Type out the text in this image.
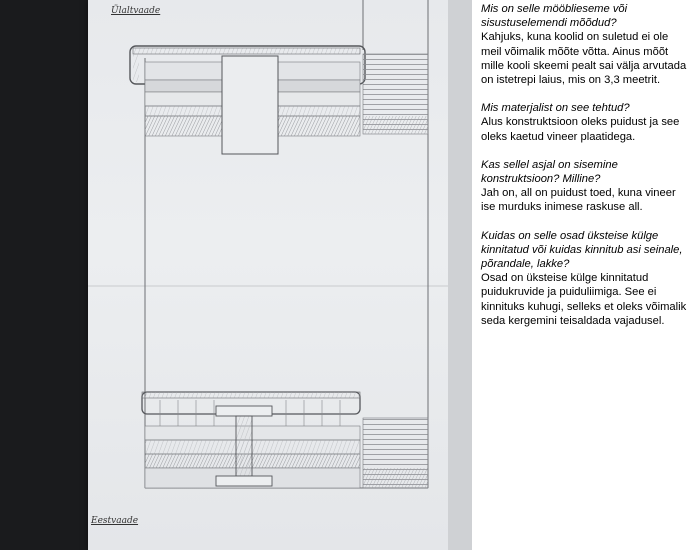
Ülaltvaade
Eestvaade

Mis on selle mööblieseme või sisustuselemendi mõõdud?
Kahjuks, kuna koolid on suletud ei ole meil võimalik mõõte võtta. Ainus mõõt mille kooli skeemi pealt sai välja arvutada on istetrepi laius, mis on 3,3 meetrit.

Mis materjalist on see tehtud?
Alus konstruktsioon oleks puidust ja see oleks kaetud vineer plaatidega.

Kas sellel asjal on sisemine konstruktsioon? Milline?
Jah on, all on puidust toed, kuna vineer ise murduks inimese raskuse all.

Kuidas on selle osad üksteise külge kinnitatud või kuidas kinnitub asi seinale, põrandale, lakke?
Osad on üksteise külge kinnitatud puidukruvide ja puiduliimiga. See ei kinnituks kuhugi, selleks et oleks võimalik seda kergemini teisaldada vajadusel.
